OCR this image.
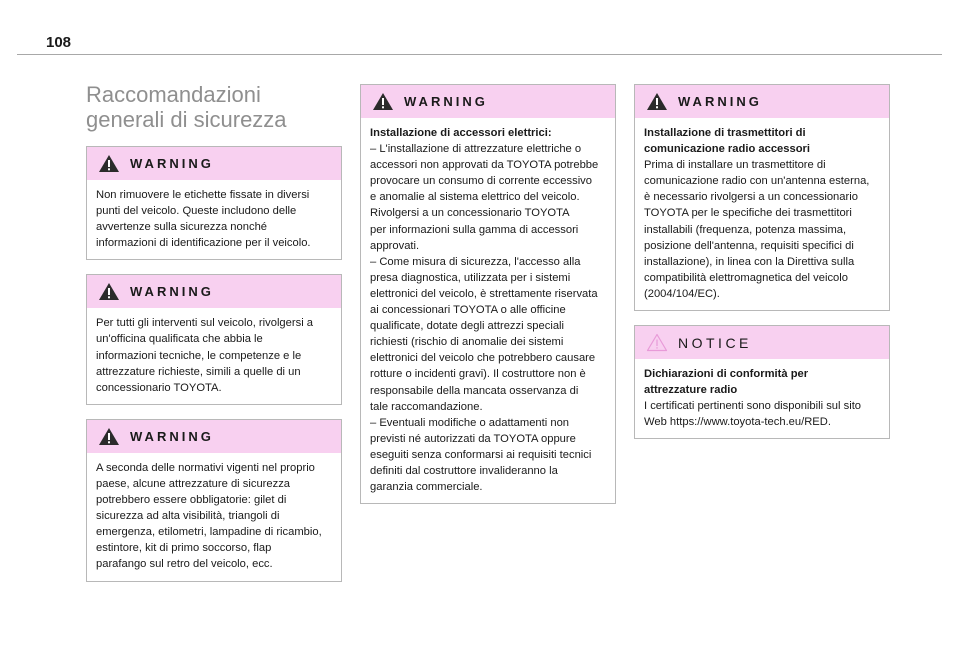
108
Raccomandazioni
generali di sicurezza
WARNING

Non rimuovere le etichette fissate in diversi

punti del veicolo. Queste includono delle

avvertenze sulla sicurezza nonché

informazioni di identificazione per il veicolo.

WARNING

Per tutti gli interventi sul veicolo, rivolgersi a

un'officina qualificata che abbia le

informazioni tecniche, le competenze e le

attrezzature richieste, simili a quelle di un

concessionario TOYOTA.

WARNING

A seconda delle normativi vigenti nel proprio

paese, alcune attrezzature di sicurezza

potrebbero essere obbligatorie: gilet di

sicurezza ad alta visibilità, triangoli di

emergenza, etilometri, lampadine di ricambio,

estintore, kit di primo soccorso, flap

parafango sul retro del veicolo, ecc.

WARNING

Installazione di accessori elettrici:

– L'installazione di attrezzature elettriche o

accessori non approvati da TOYOTA potrebbe

provocare un consumo di corrente eccessivo

e anomalie al sistema elettrico del veicolo.

Rivolgersi a un concessionario TOYOTA

per informazioni sulla gamma di accessori

approvati.

– Come misura di sicurezza, l'accesso alla

presa diagnostica, utilizzata per i sistemi

elettronici del veicolo, è strettamente riservata

ai concessionari TOYOTA o alle officine

qualificate, dotate degli attrezzi speciali

richiesti (rischio di anomalie dei sistemi

elettronici del veicolo che potrebbero causare

rotture o incidenti gravi). Il costruttore non è

responsabile della mancata osservanza di

tale raccomandazione.

– Eventuali modifiche o adattamenti non

previsti né autorizzati da TOYOTA oppure

eseguiti senza conformarsi ai requisiti tecnici

definiti dal costruttore invalideranno la

garanzia commerciale.

WARNING

Installazione di trasmettitori di

comunicazione radio accessori

Prima di installare un trasmettitore di

comunicazione radio con un'antenna esterna,

è necessario rivolgersi a un concessionario

TOYOTA per le specifiche dei trasmettitori

installabili (frequenza, potenza massima,

posizione dell'antenna, requisiti specifici di

installazione), in linea con la Direttiva sulla

compatibilità elettromagnetica del veicolo

(2004/104/EC).

NOTICE

Dichiarazioni di conformità per

attrezzature radio

I certificati pertinenti sono disponibili sul sito

Web https://www.toyota-tech.eu/RED.
